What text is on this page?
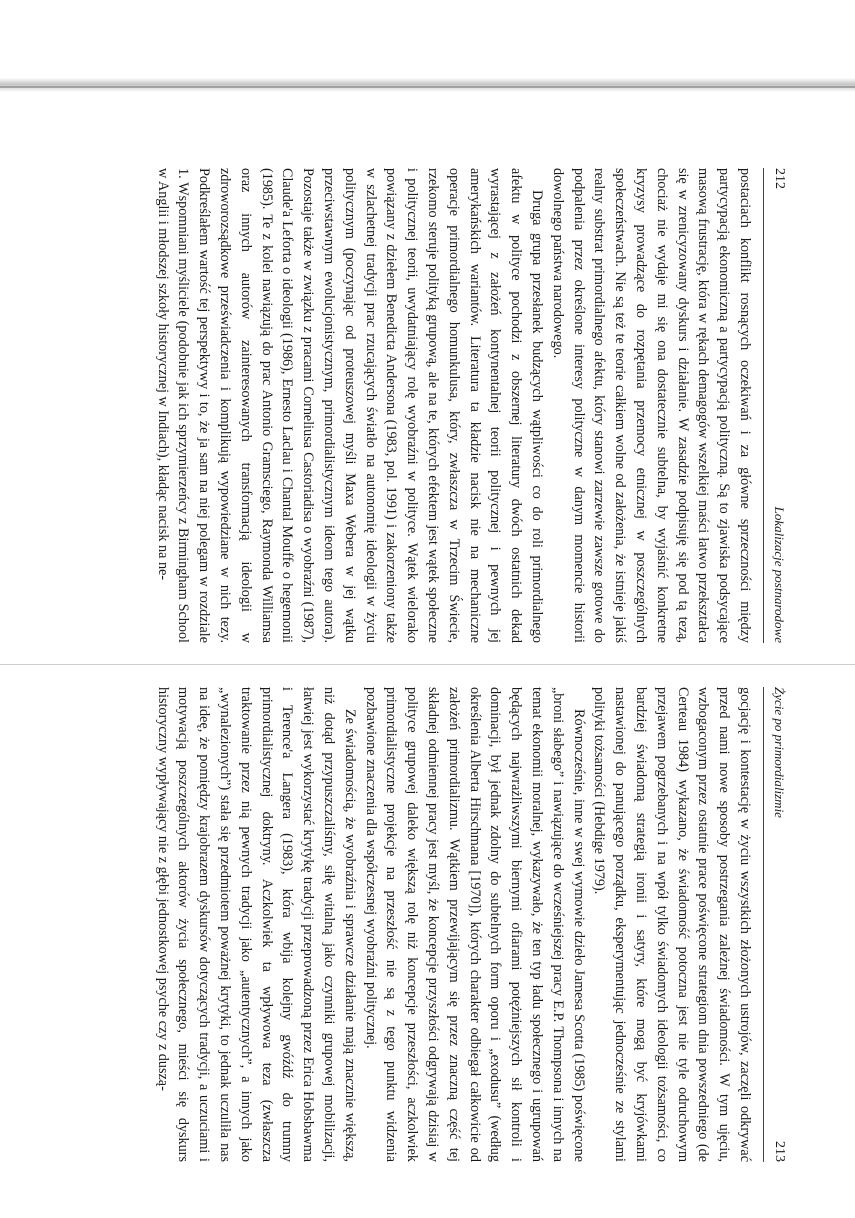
212
Lokalizacje postnarodowe

postaciach konflikt rosnących oczekiwań i za główne sprzeczności między partycypacją ekonomiczną a partycypacją polityczną. Są to zjawiska podsycające masową frustrację, która w rękach demagogów wszelkiej maści łatwo przekształca się w zrenicyzowany dyskurs i działanie. W zasadzie podpisuję się pod tą tezą, chociaż nie wydaje mi się ona dostatecznie subtelna, by wyjaśnić konkretne kryzysy prowadzące do rozpętania przemocy etnicznej w poszczególnych społeczeństwach. Nie są też te teorie całkiem wolne od założenia, że istnieje jakiś realny substrat primordialnego afektu, który stanowi zarzewie zawsze gotowe do podpalenia przez określone interesy polityczne w danym momencie historii dowolnego państwa narodowego.

Druga grupa przesłanek budzących wątpliwości co do roli primordialnego afektu w polityce pochodzi z obszernej literatury dwóch ostatnich dekad wyrastającej z założeń kontynentalnej teorii politycznej i pewnych jej amerykańskich wariantów. Literatura ta kładzie nacisk nie na mechaniczne operacje primordialnego homunkulusa, który, zwłaszcza w Trzecim Świecie, rzekomo steruje polityką grupową, ale na te, których efektem jest wątek społeczne i politycznej teorii, uwydatniający rolę wyobraźni w polityce. Wątek wielorako powiązany z dziełem Benedicta Andersona (1983, pol. 1991) i zakorzeniony także w szlachetnej tradycji prac rzucających światło na autonomię ideologii w życiu politycznym (poczynając od proteuszowej myśli Maxa Webera w jej wątku przeciwstawnym ewolucjonistycznym, primordialistycznym ideom tego autora). Pozostaje także w związku z pracami Corneliusa Castoriadisa o wyobraźni (1987), Claude'a Leforta o ideologii (1986), Ernesto Laclau i Chantal Mouffe o hegemonii (1985). Te z kolei nawiązują do prac Antonio Gramsciego, Raymonda Williamsa oraz innych autorów zainteresowanych transformacją ideologii w zdroworozsądkowe przeświadczenia i komplikują wypowiedziane w nich tezy. Podkreślałem wartość tej perspektywy i to, że ja sam na niej polegam w rozdziale 1. Wspomniani myśliciele (podobnie jak ich sprzymierzeńcy z Birmingham School w Anglii i młodszej szkoły historycznej w Indiach), kładąc nacisk na ne-

Życie po primordializmie
213

gocjację i kontestację w życiu wszystkich złożonych ustrojów, zaczęli odkrywać przed nami nowe sposoby postrzegania zależnej świadomości. W tym ujęciu, wzbogaconym przez ostatnie prace poświęcone strategiom dnia powszedniego (de Certeau 1984) wykazano, że świadomość potoczna jest nie tyle odruchowym przejawem pogrzebanych i na wpół tylko świadomych ideologii tożsamości, co bardziej świadomą strategią ironii i satyry, które mogą być kryjówkami nastawionej do panującego porządku, eksperymentując jednocześnie ze stylami polityki tożsamości (Hebdige 1979).

Równocześnie, inne w swej wymowie dzieło Jamesa Scotta (1985) poświęcone „broni słabego” i nawiązujące do wcześniejszej pracy E.P. Thompsona i innych na temat ekonomii moralnej, wykazywało, że ten typ ładu społecznego i ugrupowań będących najwrażliwszymi biernymi ofiarami potężniejszych sił kontroli i dominacji, był jednak zdolny do subtelnych form oporu i „exodusu” (według określenia Alberta Hirschmana [1970]), których charakter odbiegał całkowicie od założeń primordializmu. Wątkiem przewijającym się przez znaczną część tej składnej odmiennej pracy jest myśl, że koncepcje przyszłości odgrywają dzisiaj w polityce grupowej daleko większą rolę niż koncepcje przeszłości, aczkolwiek primordialistyczne projekcje na przeszłość nie są z tego punktu widzenia pozbawione znaczenia dla współczesnej wyobraźni politycznej.

Ze świadomością, że wyobraźnia i sprawcze działanie mają znacznie większą, niż dotąd przypuszczaliśmy, siłę witalną jako czynniki grupowej mobilizacji, łatwiej jest wykorzystać krytykę tradycji przeprowadzoną przez Erica Hobsbawma i Terence'a Langera (1983), która wbija kolejny gwóźdź do trumny primordialistycznej doktryny. Aczkolwiek ta wpływowa teza (zwłaszcza traktowanie przez nią pewnych tradycji jako „autentycznych”, a innych jako „wynalezionych”) stała się przedmiotem poważnej krytyki, to jednak uczuliła nas na ideę, że pomiędzy krajobrazem dyskursów dotyczących tradycji, a uczuciami i motywacją poszczególnych aktorów życia społecznego, mieści się dyskurs historyczny wypływający nie z głębi jednostkowej psyche czy z duszą-
